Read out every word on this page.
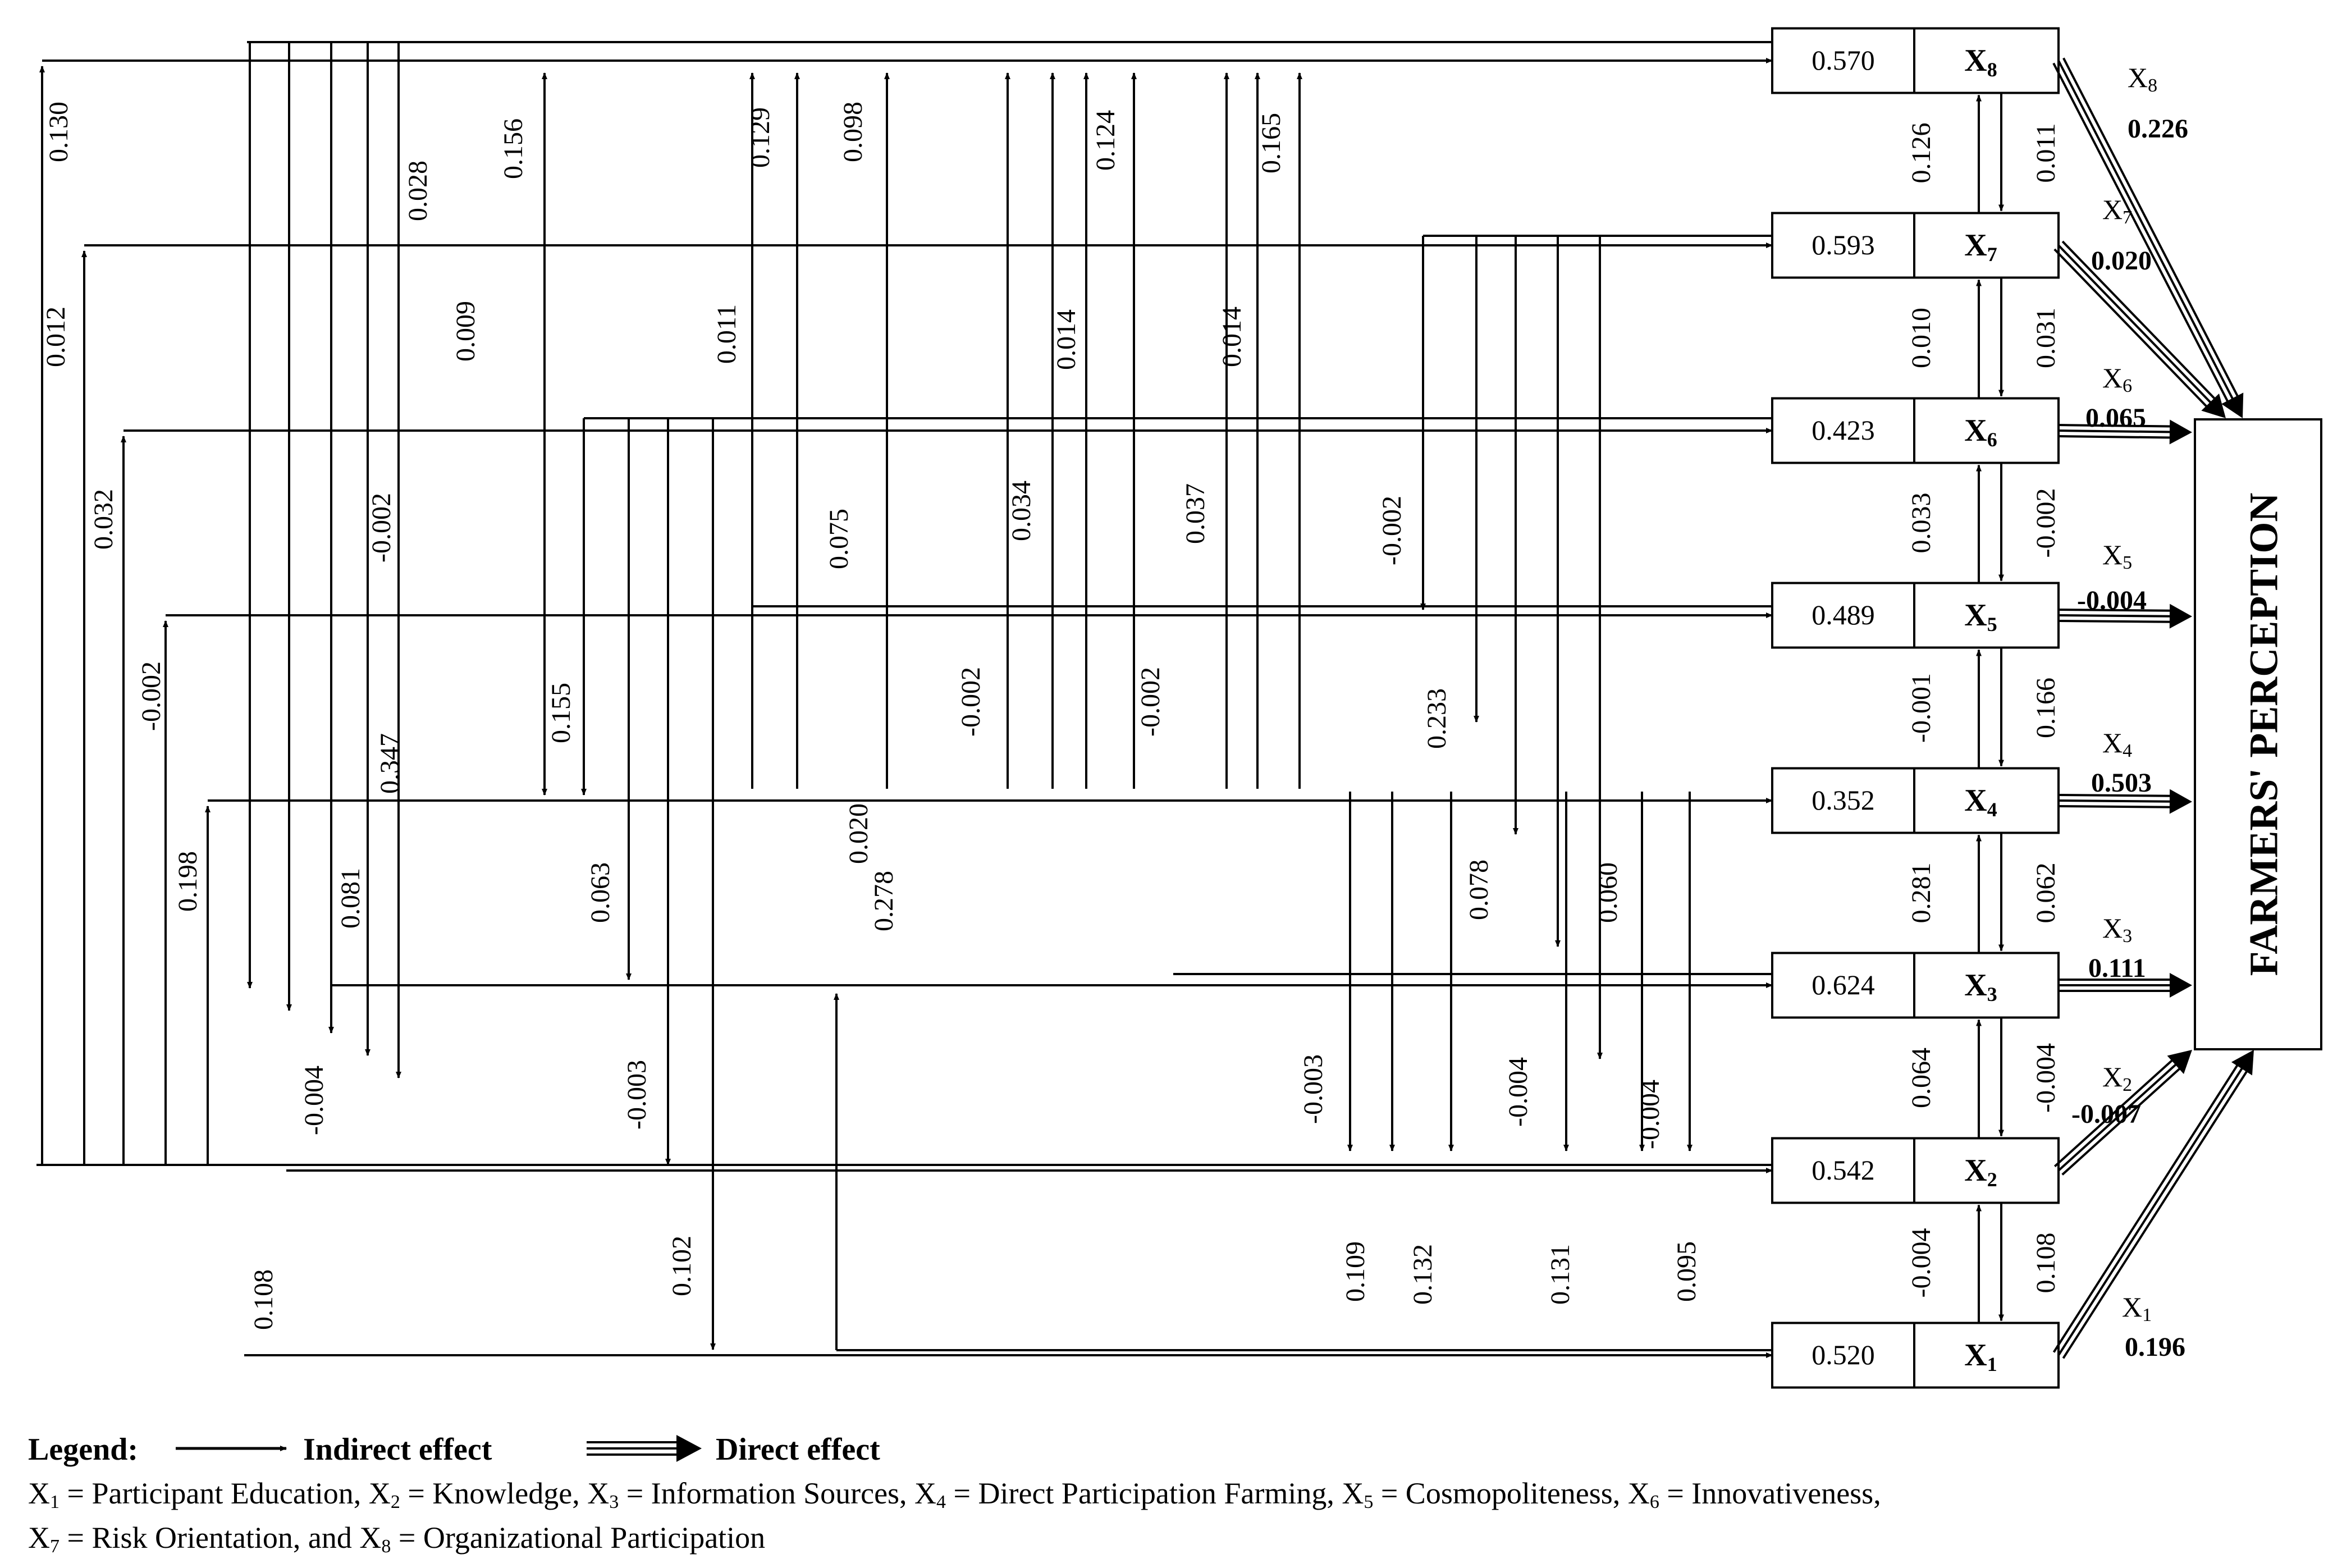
0.520	X1
0.542	X2
0.624	X3
0.352	X4
0.489	X5
0.423	X6
0.593	X7
0.570	X8
0.126	0.011
0.010	0.031
0.033	-0.002
-0.001	0.166
0.281	0.062
0.064	-0.004
-0.004	0.108
X1
0.196
X2
-0.007
X3
0.111
X4
0.503
X5
-0.004
X6
0.065
X7
0.020
X8
0.226
0.130
0.012
0.032
-0.002
0.198
-0.004
0.108
0.081
0.347
-0.002
0.028
0.009
0.156
0.155
0.063
-0.003
0.102
0.011
0.129
0.075
0.020
0.098
0.278
-0.002
0.034
0.014
0.124
-0.002
0.037
0.014
0.165
-0.003
0.109
-0.002
0.233
0.132
0.078
-0.004
0.131
0.060
-0.004
0.095
FARMERS' PERCEPTION
Legend:	Indirect effect	Direct effect
X1 = Participant Education, X2 = Knowledge, X3 = Information Sources, X4 = Direct Participation Farming, X5 = Cosmopoliteness, X6 = Innovativeness,
X7 = Risk Orientation, and X8 = Organizational Participation
